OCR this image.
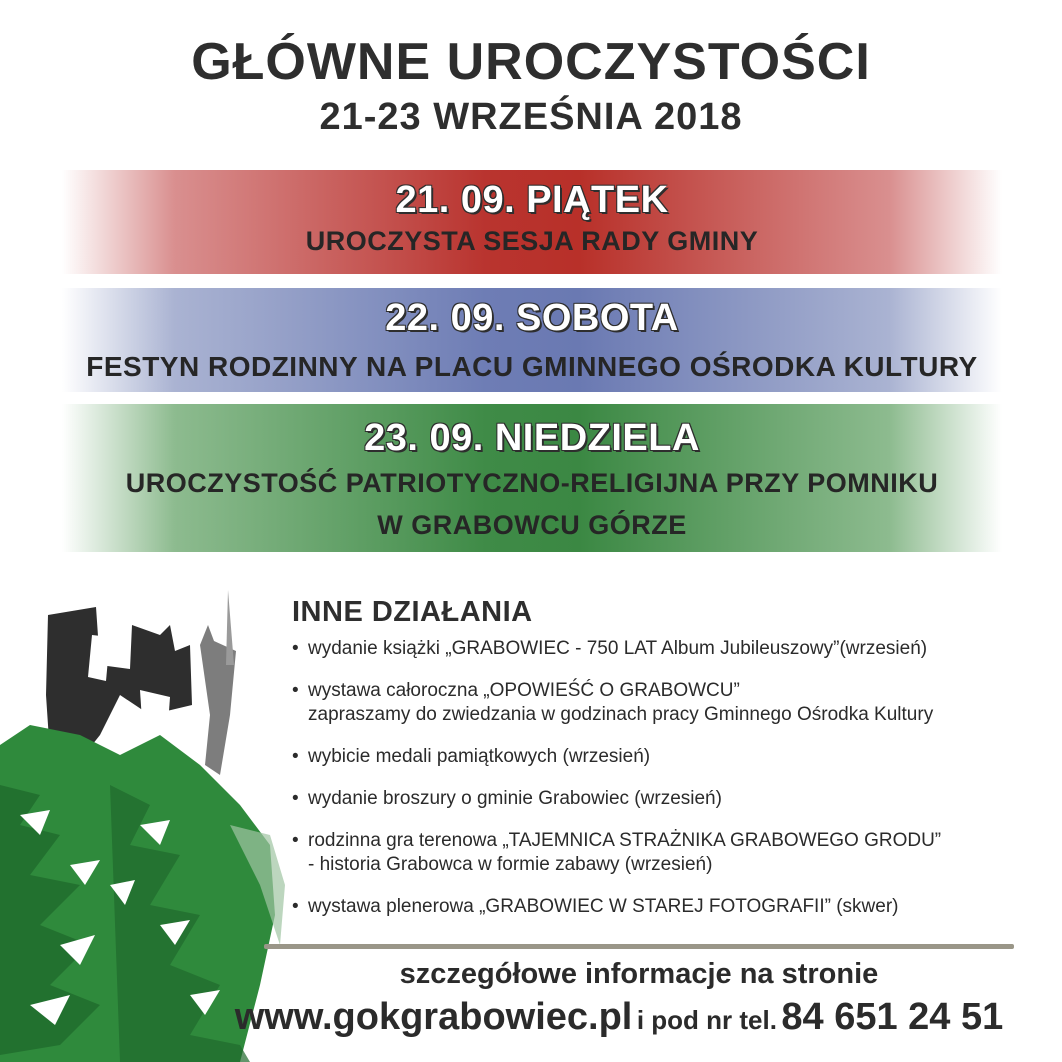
GŁÓWNE UROCZYSTOŚCI
21-23 WRZEŚNIA 2018
21. 09. PIĄTEK
UROCZYSTA SESJA RADY GMINY
22. 09. SOBOTA
FESTYN RODZINNY NA PLACU GMINNEGO OŚRODKA KULTURY
23. 09. NIEDZIELA
UROCZYSTOŚĆ PATRIOTYCZNO-RELIGIJNA PRZY POMNIKU
W GRABOWCU GÓRZE
INNE DZIAŁANIA
• wydanie książki „GRABOWIEC - 750 LAT Album Jubileuszowy”(wrzesień)
• wystawa całoroczna „OPOWIEŚĆ O GRABOWCU”
zapraszamy do zwiedzania w godzinach pracy Gminnego Ośrodka Kultury
• wybicie medali pamiątkowych (wrzesień)
• wydanie broszury o gminie Grabowiec (wrzesień)
• rodzinna gra terenowa „TAJEMNICA STRAŻNIKA GRABOWEGO GRODU”
- historia Grabowca w formie zabawy (wrzesień)
• wystawa plenerowa „GRABOWIEC W STAREJ FOTOGRAFII” (skwer)
szczegółowe informacje na stronie
www.gokgrabowiec.pl i pod nr tel. 84 651 24 51
